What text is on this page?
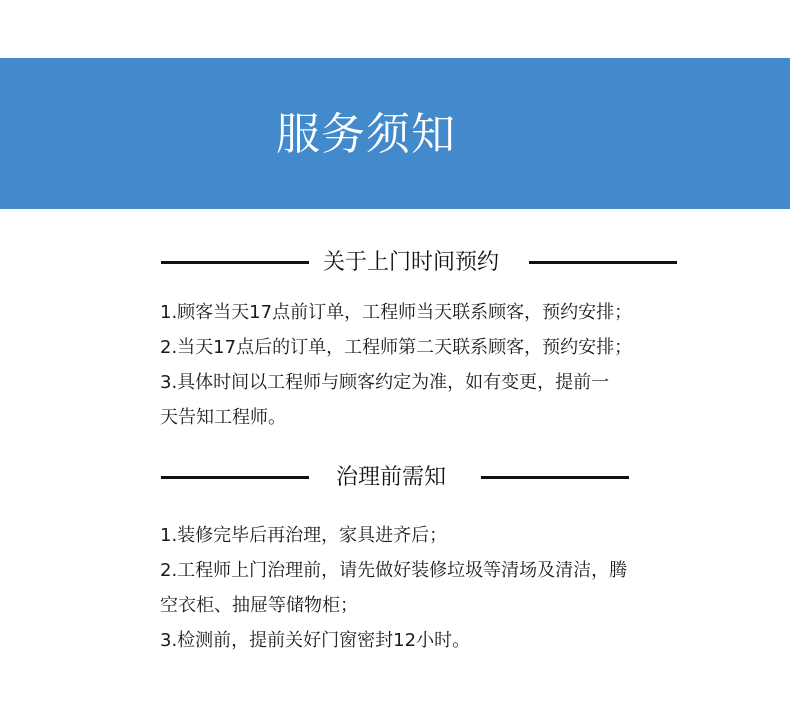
服务须知
关于上门时间预约
1.顾客当天17点前订单，工程师当天联系顾客，预约安排；
2.当天17点后的订单，工程师第二天联系顾客，预约安排；
3.具体时间以工程师与顾客约定为准，如有变更，提前一
天告知工程师。
治理前需知
1.装修完毕后再治理，家具进齐后；
2.工程师上门治理前，请先做好装修垃圾等清场及清洁，腾
空衣柜、抽屉等储物柜；
3.检测前，提前关好门窗密封12小时。
